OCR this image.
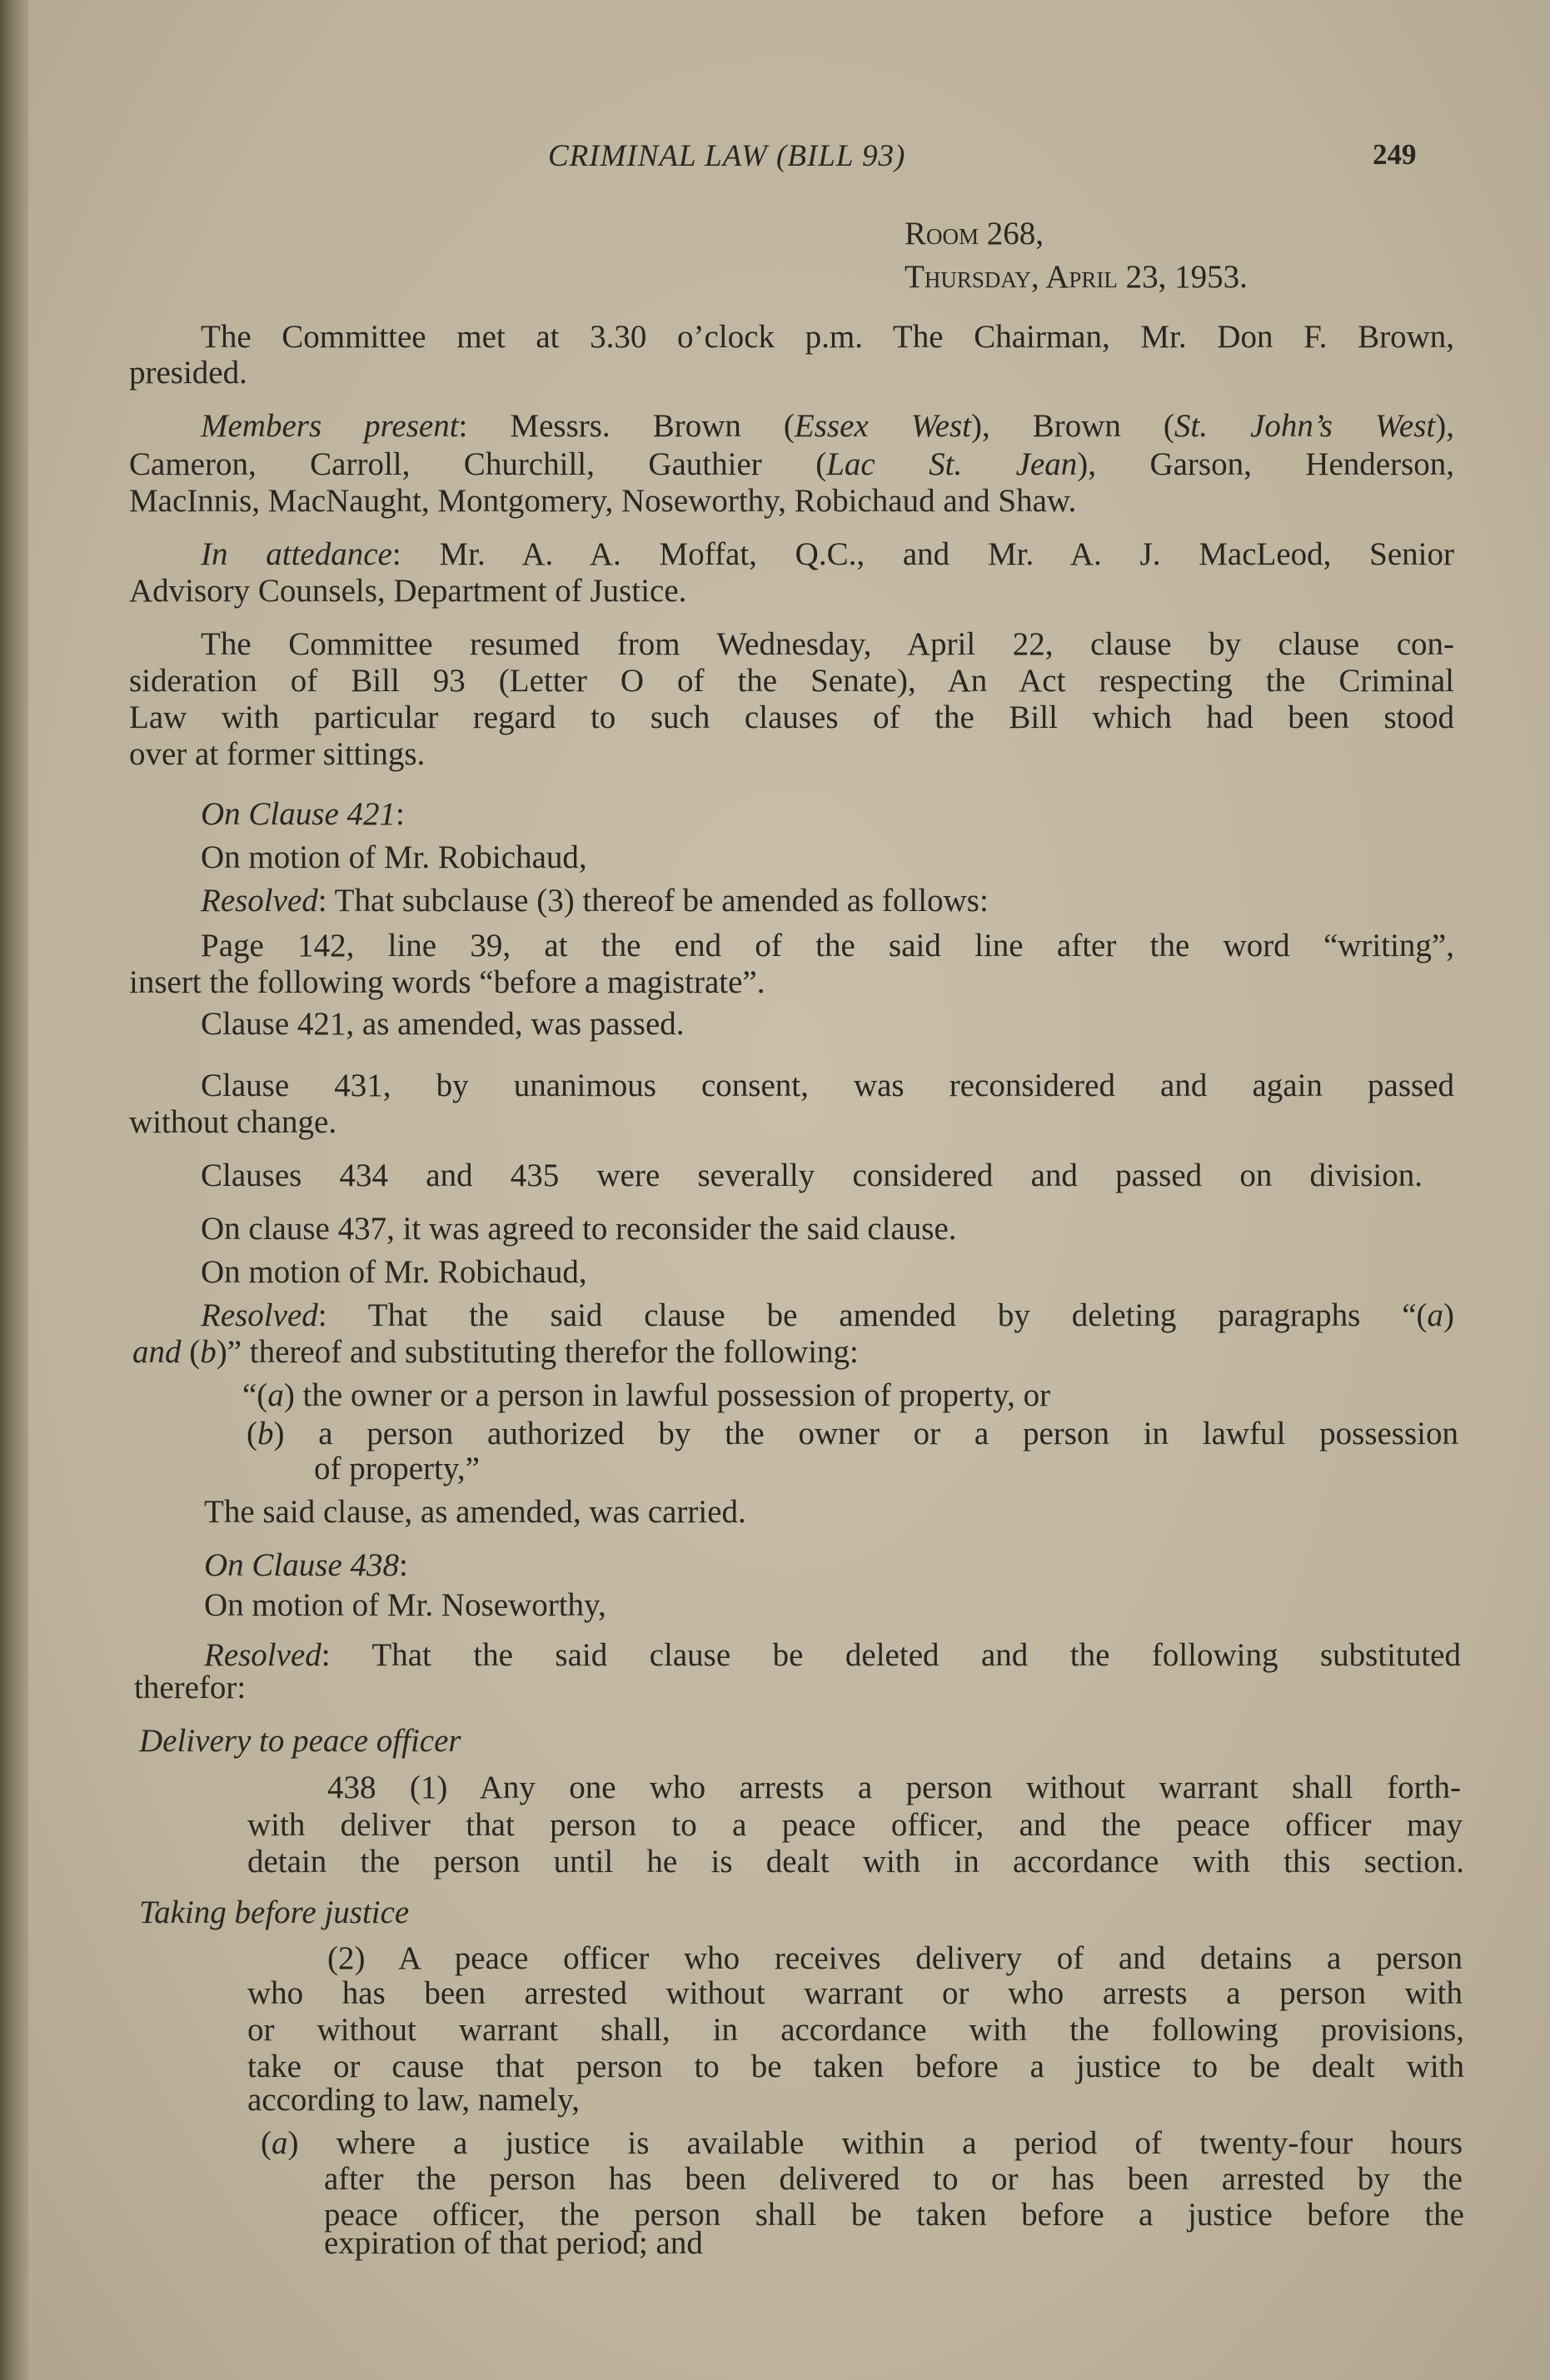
CRIMINAL LAW (BILL 93)	249
Room 268,
Thursday, April 23, 1953.
The Committee met at 3.30 o’clock p.m. The Chairman, Mr. Don F. Brown,
presided.
Members present: Messrs. Brown (Essex West), Brown (St. John’s West),
Cameron, Carroll, Churchill, Gauthier (Lac St. Jean), Garson, Henderson,
MacInnis, MacNaught, Montgomery, Noseworthy, Robichaud and Shaw.
In attedance: Mr. A. A. Moffat, Q.C., and Mr. A. J. MacLeod, Senior
Advisory Counsels, Department of Justice.
The Committee resumed from Wednesday, April 22, clause by clause con-
sideration of Bill 93 (Letter O of the Senate), An Act respecting the Criminal
Law with particular regard to such clauses of the Bill which had been stood
over at former sittings.
On Clause 421:
On motion of Mr. Robichaud,
Resolved: That subclause (3) thereof be amended as follows:
Page 142, line 39, at the end of the said line after the word “writing”,
insert the following words “before a magistrate”.
Clause 421, as amended, was passed.
Clause 431, by unanimous consent, was reconsidered and again passed
without change.
Clauses 434 and 435 were severally considered and passed on division.
On clause 437, it was agreed to reconsider the said clause.
On motion of Mr. Robichaud,
Resolved: That the said clause be amended by deleting paragraphs “(a)
and (b)” thereof and substituting therefor the following:
“(a) the owner or a person in lawful possession of property, or
(b) a person authorized by the owner or a person in lawful possession
of property,”
The said clause, as amended, was carried.
On Clause 438:
On motion of Mr. Noseworthy,
Resolved: That the said clause be deleted and the following substituted
therefor:
Delivery to peace officer
438 (1) Any one who arrests a person without warrant shall forth-
with deliver that person to a peace officer, and the peace officer may
detain the person until he is dealt with in accordance with this section.
Taking before justice
(2) A peace officer who receives delivery of and detains a person
who has been arrested without warrant or who arrests a person with
or without warrant shall, in accordance with the following provisions,
take or cause that person to be taken before a justice to be dealt with
according to law, namely,
(a) where a justice is available within a period of twenty-four hours
after the person has been delivered to or has been arrested by the
peace officer, the person shall be taken before a justice before the
expiration of that period; and
